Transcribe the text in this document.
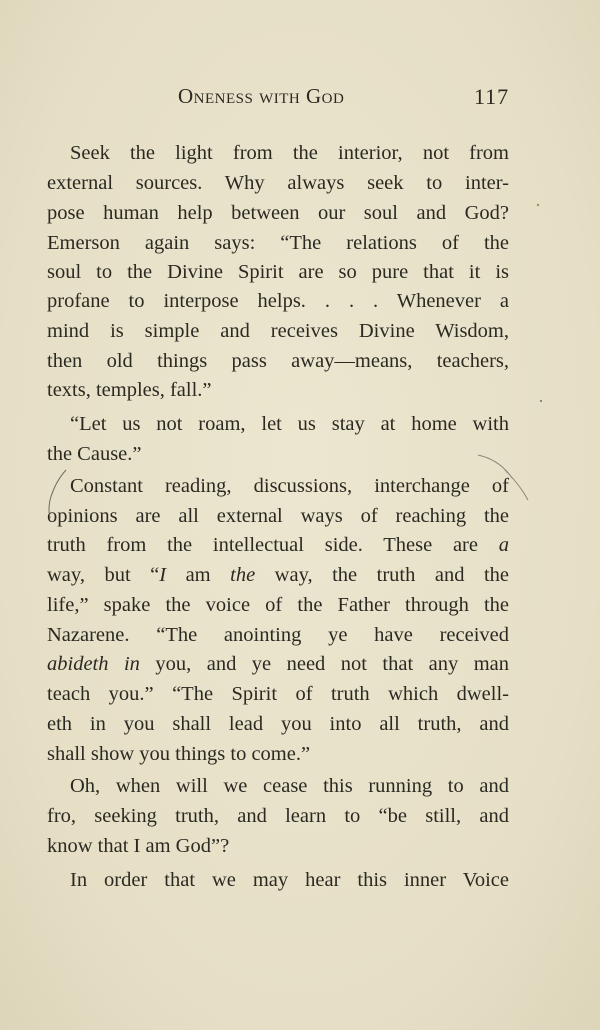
Oneness with God	117
Seek the light from the interior, not from
external sources. Why always seek to inter-
pose human help between our soul and God?
Emerson again says: “The relations of the
soul to the Divine Spirit are so pure that it is
profane to interpose helps. . . . Whenever a
mind is simple and receives Divine Wisdom,
then old things pass away—means, teachers,
texts, temples, fall.”
“Let us not roam, let us stay at home with
the Cause.”
Constant reading, discussions, interchange of
opinions are all external ways of reaching the
truth from the intellectual side. These are a
way, but “I am the way, the truth and the
life,” spake the voice of the Father through the
Nazarene. “The anointing ye have received
abideth in you, and ye need not that any man
teach you.” “The Spirit of truth which dwell-
eth in you shall lead you into all truth, and
shall show you things to come.”
Oh, when will we cease this running to and
fro, seeking truth, and learn to “be still, and
know that I am God”?
In order that we may hear this inner Voice
